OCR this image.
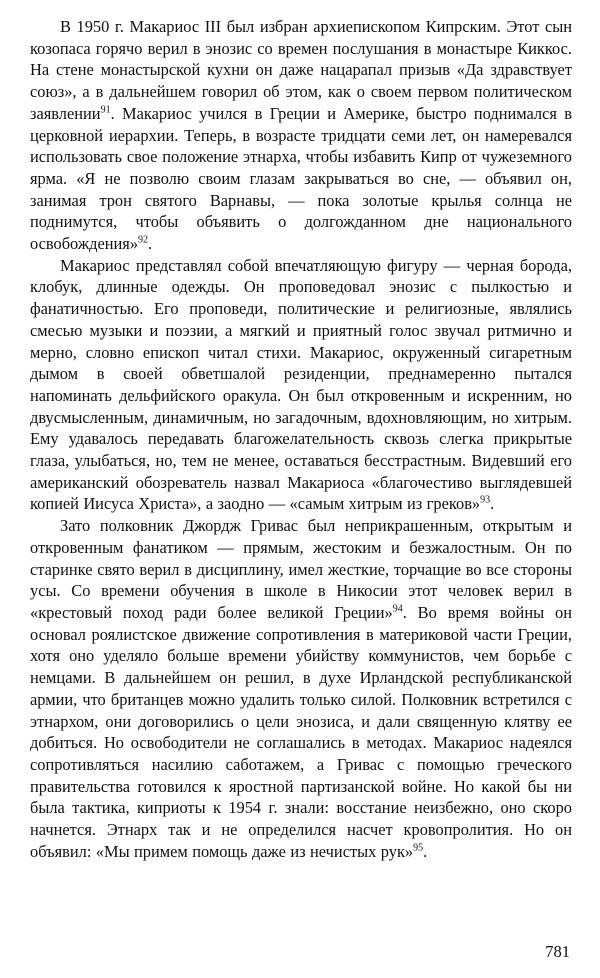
В 1950 г. Макариос III был избран архиепископом Кипрским. Этот сын козопаса горячо верил в энозис со времен послушания в монастыре Киккос. На стене монастырской кухни он даже нацарапал призыв «Да здравствует союз», а в дальнейшем говорил об этом, как о своем первом политическом заявлении$^{91}$. Макариос учился в Греции и Америке, быстро поднимался в церковной иерархии. Теперь, в возрасте тридцати семи лет, он намеревался использовать свое положение этнарха, чтобы избавить Кипр от чужеземного ярма. «Я не позволю своим глазам закрываться во сне, — объявил он, занимая трон святого Варнавы, — пока золотые крылья солнца не поднимутся, чтобы объявить о долгожданном дне национального освобождения»$^{92}$.

Макариос представлял собой впечатляющую фигуру — черная борода, клобук, длинные одежды. Он проповедовал энозис с пылкостью и фанатичностью. Его проповеди, политические и религиозные, являлись смесью музыки и поэзии, а мягкий и приятный голос звучал ритмично и мерно, словно епископ читал стихи. Макариос, окруженный сигаретным дымом в своей обветшалой резиденции, преднамеренно пытался напоминать дельфийского оракула. Он был откровенным и искренним, но двусмысленным, динамичным, но загадочным, вдохновляющим, но хитрым. Ему удавалось передавать благожелательность сквозь слегка прикрытые глаза, улыбаться, но, тем не менее, оставаться бесстрастным. Видевший его американский обозреватель назвал Макариоса «благочестиво выглядевшей копией Иисуса Христа», а заодно — «самым хитрым из греков»$^{93}$.

Зато полковник Джордж Гривас был неприкрашенным, открытым и откровенным фанатиком — прямым, жестоким и безжалостным. Он по старинке свято верил в дисциплину, имел жесткие, торчащие во все стороны усы. Со времени обучения в школе в Никосии этот человек верил в «крестовый поход ради более великой Греции»$^{94}$. Во время войны он основал роялистское движение сопротивления в материковой части Греции, хотя оно уделяло больше времени убийству коммунистов, чем борьбе с немцами. В дальнейшем он решил, в духе Ирландской республиканской армии, что британцев можно удалить только силой. Полковник встретился с этнархом, они договорились о цели энозиса, и дали священную клятву ее добиться. Но освободители не соглашались в методах. Макариос надеялся сопротивляться насилию саботажем, а Гривас с помощью греческого правительства готовился к яростной партизанской войне. Но какой бы ни была тактика, киприоты к 1954 г. знали: восстание неизбежно, оно скоро начнется. Этнарх так и не определился насчет кровопролития. Но он объявил: «Мы примем помощь даже из нечистых рук»$^{95}$.

781
